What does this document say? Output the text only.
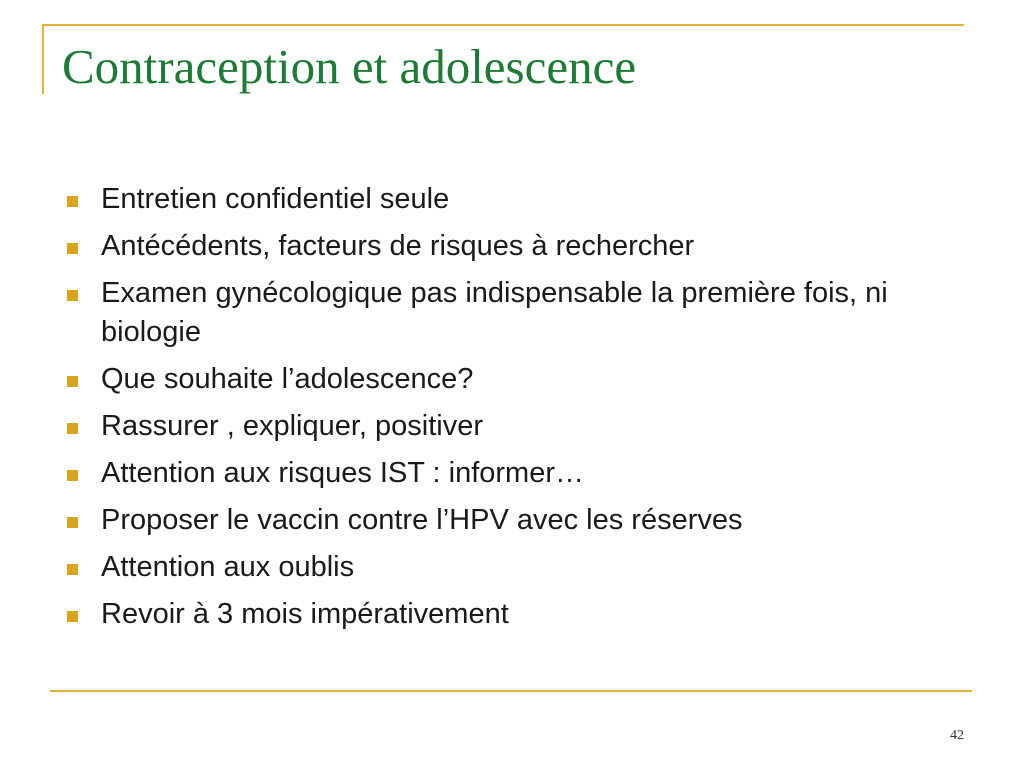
Contraception et adolescence
Entretien confidentiel seule
Antécédents, facteurs de risques à rechercher
Examen gynécologique pas indispensable la première fois, ni biologie
Que souhaite l’adolescence?
Rassurer , expliquer, positiver
Attention aux risques IST : informer…
Proposer le vaccin contre l’HPV avec les réserves
Attention aux oublis
Revoir à 3 mois impérativement
42
